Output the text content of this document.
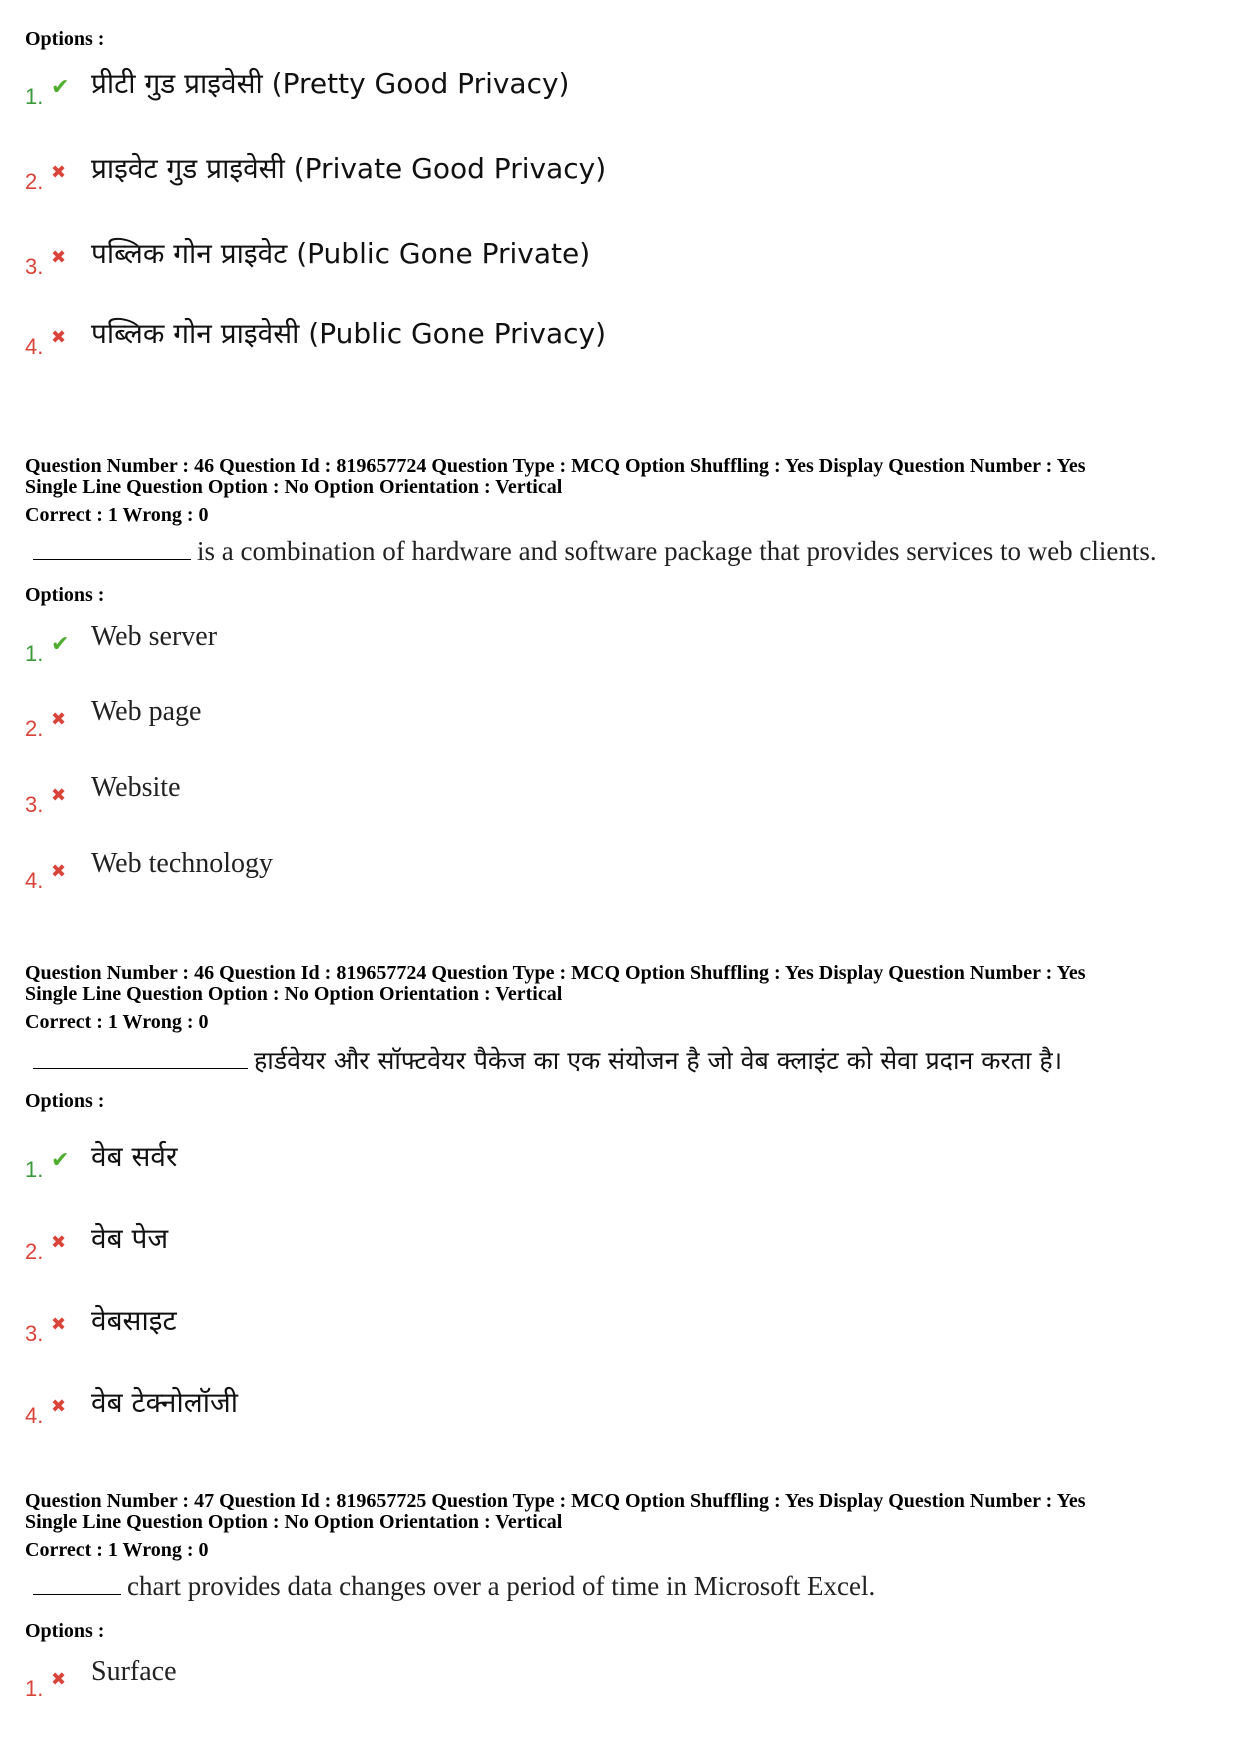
Options :
1. ✔ प्रीटी गुड प्राइवेसी (Pretty Good Privacy)
2. ✖ प्राइवेट गुड प्राइवेसी (Private Good Privacy)
3. ✖ पब्लिक गोन प्राइवेट (Public Gone Private)
4. ✖ पब्लिक गोन प्राइवेसी (Public Gone Privacy)
Question Number : 46 Question Id : 819657724 Question Type : MCQ Option Shuffling : Yes Display Question Number : Yes
Single Line Question Option : No Option Orientation : Vertical
Correct : 1 Wrong : 0
is a combination of hardware and software package that provides services to web clients.
Options :
1. ✔ Web server
2. ✖ Web page
3. ✖ Website
4. ✖ Web technology
Question Number : 46 Question Id : 819657724 Question Type : MCQ Option Shuffling : Yes Display Question Number : Yes
Single Line Question Option : No Option Orientation : Vertical
Correct : 1 Wrong : 0
हार्डवेयर और सॉफ्टवेयर पैकेज का एक संयोजन है जो वेब क्लाइंट को सेवा प्रदान करता है।
Options :
1. ✔ वेब सर्वर
2. ✖ वेब पेज
3. ✖ वेबसाइट
4. ✖ वेब टेक्नोलॉजी
Question Number : 47 Question Id : 819657725 Question Type : MCQ Option Shuffling : Yes Display Question Number : Yes
Single Line Question Option : No Option Orientation : Vertical
Correct : 1 Wrong : 0
chart provides data changes over a period of time in Microsoft Excel.
Options :
1. ✖ Surface
